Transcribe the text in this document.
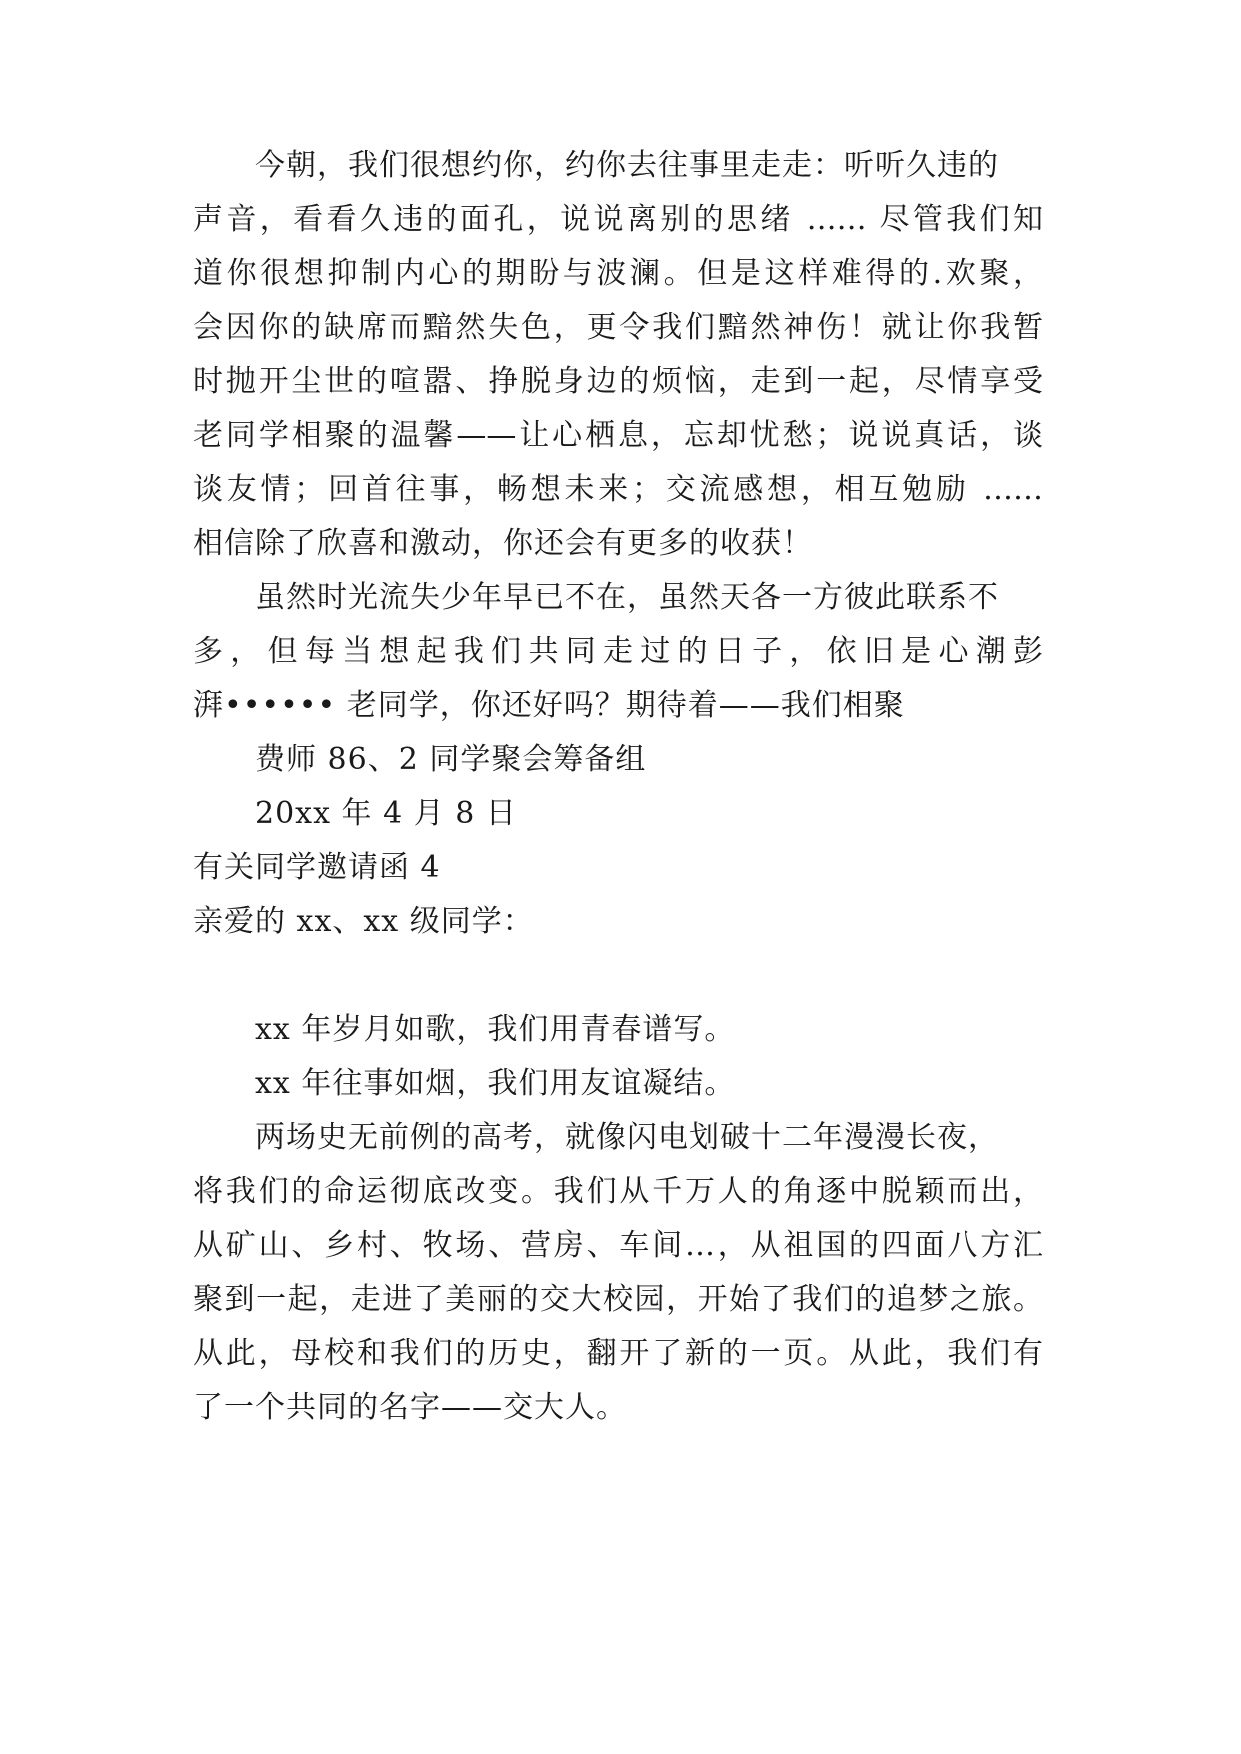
今朝，我们很想约你，约你去往事里走走：听听久违的
声音，看看久违的面孔，说说离别的思绪 …… 尽管我们知
道你很想抑制内心的期盼与波澜。但是这样难得的.欢聚，
会因你的缺席而黯然失色，更令我们黯然神伤！就让你我暂
时抛开尘世的喧嚣、挣脱身边的烦恼，走到一起，尽情享受
老同学相聚的温馨——让心栖息，忘却忧愁；说说真话，谈
谈友情；回首往事，畅想未来；交流感想，相互勉励 ……
相信除了欣喜和激动，你还会有更多的收获！
虽然时光流失少年早已不在，虽然天各一方彼此联系不
多，但每当想起我们共同走过的日子，依旧是心潮彭
湃•••••• 老同学，你还好吗？期待着——我们相聚
费师 86、2 同学聚会筹备组
20xx 年 4 月 8 日
有关同学邀请函 4
亲爱的 xx、xx 级同学：
xx 年岁月如歌，我们用青春谱写。
xx 年往事如烟，我们用友谊凝结。
两场史无前例的高考，就像闪电划破十二年漫漫长夜，
将我们的命运彻底改变。我们从千万人的角逐中脱颖而出，
从矿山、乡村、牧场、营房、车间…，从祖国的四面八方汇
聚到一起，走进了美丽的交大校园，开始了我们的追梦之旅。
从此，母校和我们的历史，翻开了新的一页。从此，我们有
了一个共同的名字——交大人。
